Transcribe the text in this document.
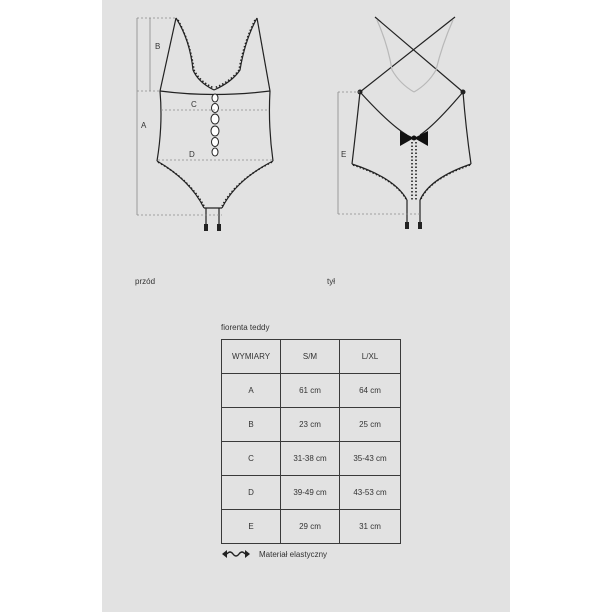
B
A
C
D	E
przód	tył
fiorenta teddy
WYMIARY	S/M	L/XL
A	61 cm	64 cm
B	23 cm	25 cm
C	31-38 cm	35-43 cm
D	39-49 cm	43-53 cm
E	29 cm	31 cm
Materiał elastyczny
